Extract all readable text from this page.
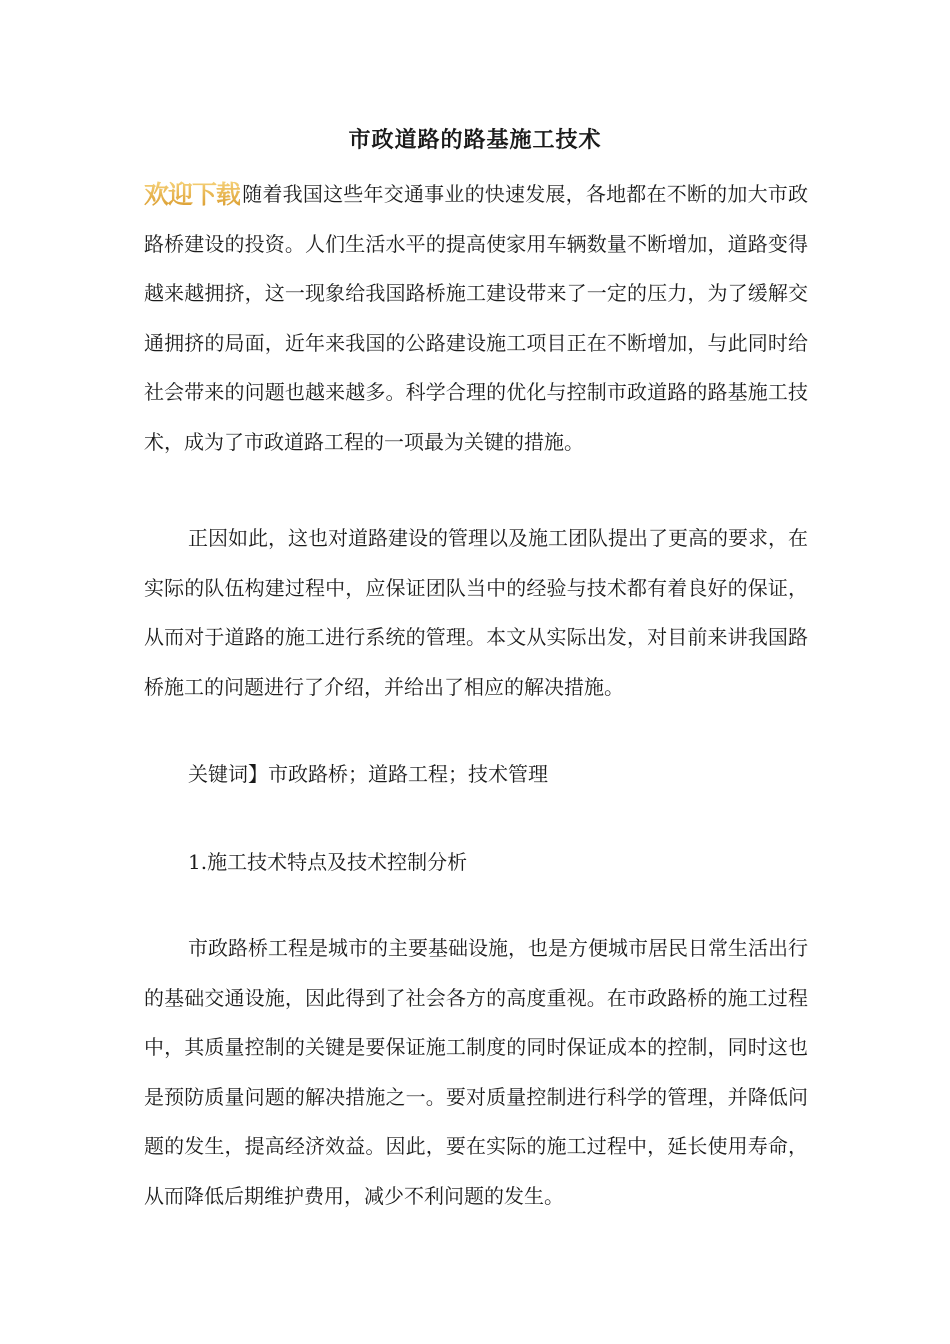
市政道路的路基施工技术

欢迎下载 随着我国这些年交通事业的快速发展，各地都在不断的加大市政路桥建设的投资。人们生活水平的提高使家用车辆数量不断增加，道路变得越来越拥挤，这一现象给我国路桥施工建设带来了一定的压力，为了缓解交通拥挤的局面，近年来我国的公路建设施工项目正在不断增加，与此同时给社会带来的问题也越来越多。科学合理的优化与控制市政道路的路基施工技术，成为了市政道路工程的一项最为关键的措施。

正因如此，这也对道路建设的管理以及施工团队提出了更高的要求，在实际的队伍构建过程中，应保证团队当中的经验与技术都有着良好的保证，从而对于道路的施工进行系统的管理。本文从实际出发，对目前来讲我国路桥施工的问题进行了介绍，并给出了相应的解决措施。

关键词】市政路桥；道路工程；技术管理

1.施工技术特点及技术控制分析

市政路桥工程是城市的主要基础设施，也是方便城市居民日常生活出行的基础交通设施，因此得到了社会各方的高度重视。在市政路桥的施工过程中，其质量控制的关键是要保证施工制度的同时保证成本的控制，同时这也是预防质量问题的解决措施之一。要对质量控制进行科学的管理，并降低问题的发生，提高经济效益。因此，要在实际的施工过程中，延长使用寿命，从而降低后期维护费用，减少不利问题的发生。
